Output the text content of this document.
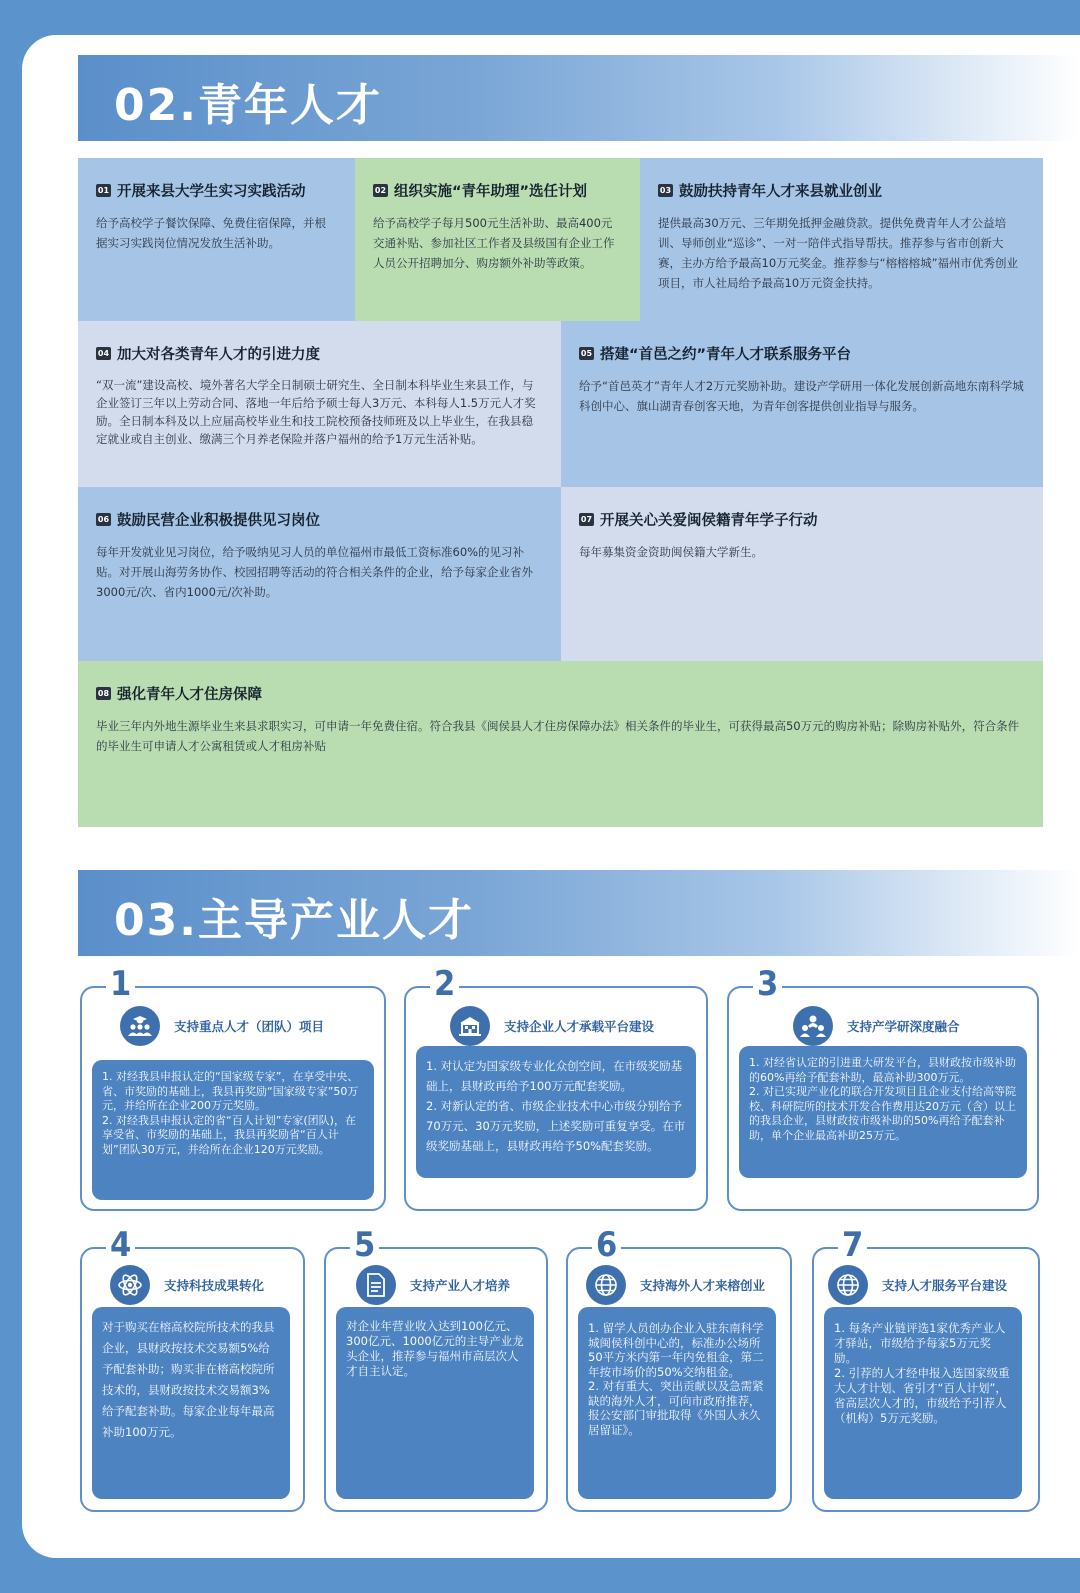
02.青年人才
01 开展来县大学生实习实践活动

给予高校学子餐饮保障、免费住宿保障，并根据实习实践岗位情况发放生活补助。

02 组织实施“青年助理”选任计划

给予高校学子每月500元生活补助、最高400元交通补贴、参加社区工作者及县级国有企业工作人员公开招聘加分、购房额外补助等政策。

03 鼓励扶持青年人才来县就业创业

提供最高30万元、三年期免抵押金融贷款。提供免费青年人才公益培训、导师创业“巡诊”、一对一陪伴式指导帮扶。推荐参与省市创新大赛，主办方给予最高10万元奖金。推荐参与“榕榕榕城”福州市优秀创业项目，市人社局给予最高10万元资金扶持。

04 加大对各类青年人才的引进力度

“双一流”建设高校、境外著名大学全日制硕士研究生、全日制本科毕业生来县工作，与企业签订三年以上劳动合同、落地一年后给予硕士每人3万元、本科每人1.5万元人才奖励。全日制本科及以上应届高校毕业生和技工院校预备技师班及以上毕业生，在我县稳定就业或自主创业、缴满三个月养老保险并落户福州的给予1万元生活补贴。

05 搭建“首邑之约”青年人才联系服务平台

给予“首邑英才”青年人才2万元奖励补助。建设产学研用一体化发展创新高地东南科学城科创中心、旗山湖青春创客天地，为青年创客提供创业指导与服务。

06 鼓励民营企业积极提供见习岗位

每年开发就业见习岗位，给予吸纳见习人员的单位福州市最低工资标准60%的见习补贴。对开展山海劳务协作、校园招聘等活动的符合相关条件的企业，给予每家企业省外3000元/次、省内1000元/次补助。

07 开展关心关爱闽侯籍青年学子行动

每年募集资金资助闽侯籍大学新生。

08 强化青年人才住房保障

毕业三年内外地生源毕业生来县求职实习，可申请一年免费住宿。符合我县《闽侯县人才住房保障办法》相关条件的毕业生，可获得最高50万元的购房补贴；除购房补贴外，符合条件的毕业生可申请人才公寓租赁或人才租房补贴

03.主导产业人才
1
支持重点人才（团队）项目
1. 对经我县申报认定的“国家级专家”，在享受中央、省、市奖励的基础上，我县再奖励“国家级专家”50万元，并给所在企业200万元奖励。
2. 对经我县申报认定的省“百人计划”专家(团队)，在享受省、市奖励的基础上，我县再奖励省“百人计划”团队30万元，并给所在企业120万元奖励。
2
支持企业人才承载平台建设
1. 对认定为国家级专业化众创空间，在市级奖励基础上，县财政再给予100万元配套奖励。
2. 对新认定的省、市级企业技术中心市级分别给予70万元、30万元奖励，上述奖励可重复享受。在市级奖励基础上，县财政再给予50%配套奖励。
3
支持产学研深度融合
1. 对经省认定的引进重大研发平台，县财政按市级补助的60%再给予配套补助，最高补助300万元。
2. 对已实现产业化的联合开发项目且企业支付给高等院校、科研院所的技术开发合作费用达20万元（含）以上的我县企业，县财政按市级补助的50%再给予配套补助，单个企业最高补助25万元。
4
支持科技成果转化
对于购买在榕高校院所技术的我县企业，县财政按技术交易额5%给予配套补助；购买非在榕高校院所技术的，县财政按技术交易额3%给予配套补助。每家企业每年最高补助100万元。
5
支持产业人才培养
对企业年营业收入达到100亿元、300亿元、1000亿元的主导产业龙头企业，推荐参与福州市高层次人才自主认定。
6
支持海外人才来榕创业
1. 留学人员创办企业入驻东南科学城闽侯科创中心的，标准办公场所50平方米内第一年内免租金，第二年按市场价的50%交纳租金。
2. 对有重大、突出贡献以及急需紧缺的海外人才，可向市政府推荐，报公安部门审批取得《外国人永久居留证》。
7
支持人才服务平台建设
1. 每条产业链评选1家优秀产业人才驿站，市级给予每家5万元奖励。
2. 引荐的人才经申报入选国家级重大人才计划、省引才“百人计划”，省高层次人才的，市级给予引荐人（机构）5万元奖励。
